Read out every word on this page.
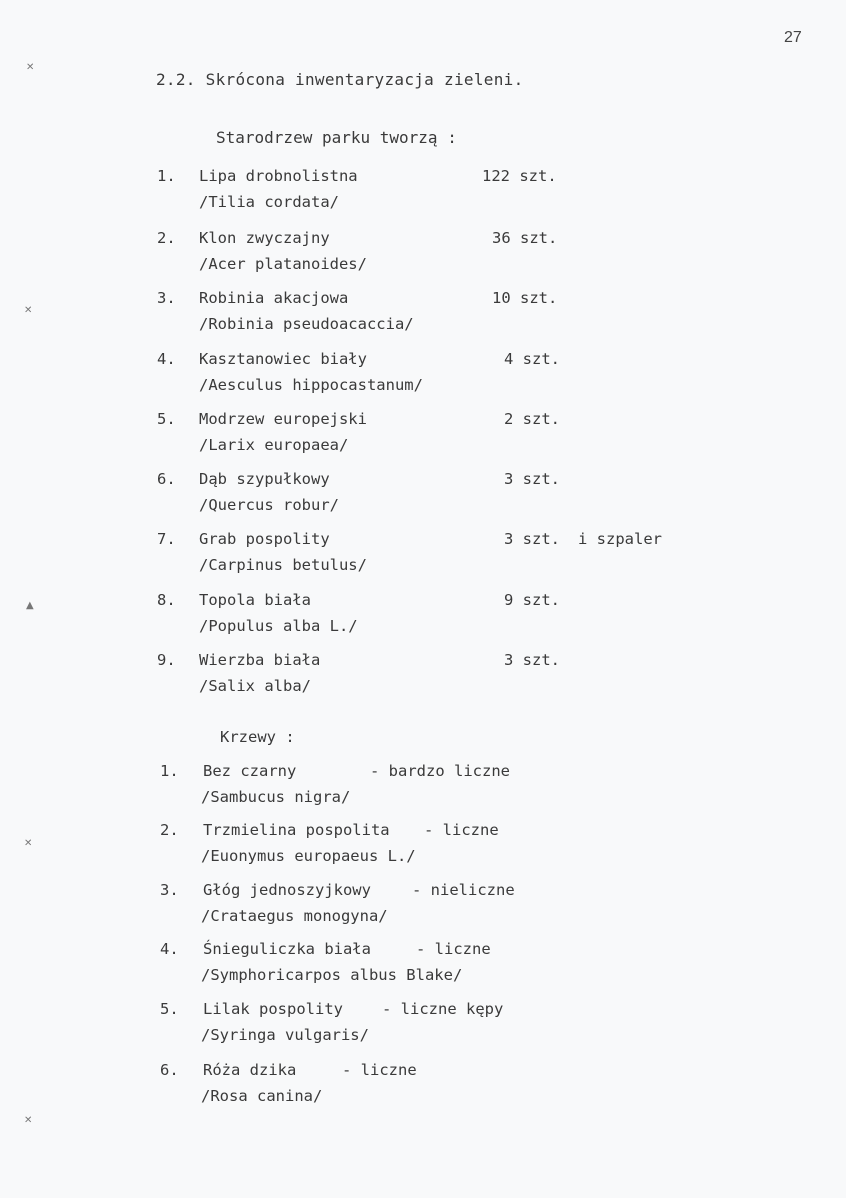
27
2.2. Skrócona inwentaryzacja zieleni.
Starodrzew parku tworzą :
1. Lipa drobnolistna	122 szt.
/Tilia cordata/
2. Klon zwyczajny	36 szt.
/Acer platanoides/
3. Robinia akacjowa	10 szt.
/Robinia pseudoacaccia/
4. Kasztanowiec biały	4 szt.
/Aesculus hippocastanum/
5. Modrzew europejski	2 szt.
/Larix europaea/
6. Dąb szypułkowy	3 szt.
/Quercus robur/
7. Grab pospolity	3 szt. i szpaler
/Carpinus betulus/
8. Topola biała	9 szt.
/Populus alba L./
9. Wierzba biała	3 szt.
/Salix alba/
Krzewy :
1. Bez czarny	- bardzo liczne
/Sambucus nigra/
2. Trzmielina pospolita - liczne
/Euonymus europaeus L./
3. Głóg jednoszyjkowy	- nieliczne
/Crataegus monogyna/
4. Śnieguliczka biała	- liczne
/Symphoricarpos albus Blake/
5. Lilak pospolity	- liczne kępy
/Syringa vulgaris/
6. Róża dzika	- liczne
/Rosa canina/
✕
✕
▲
✕
✕
